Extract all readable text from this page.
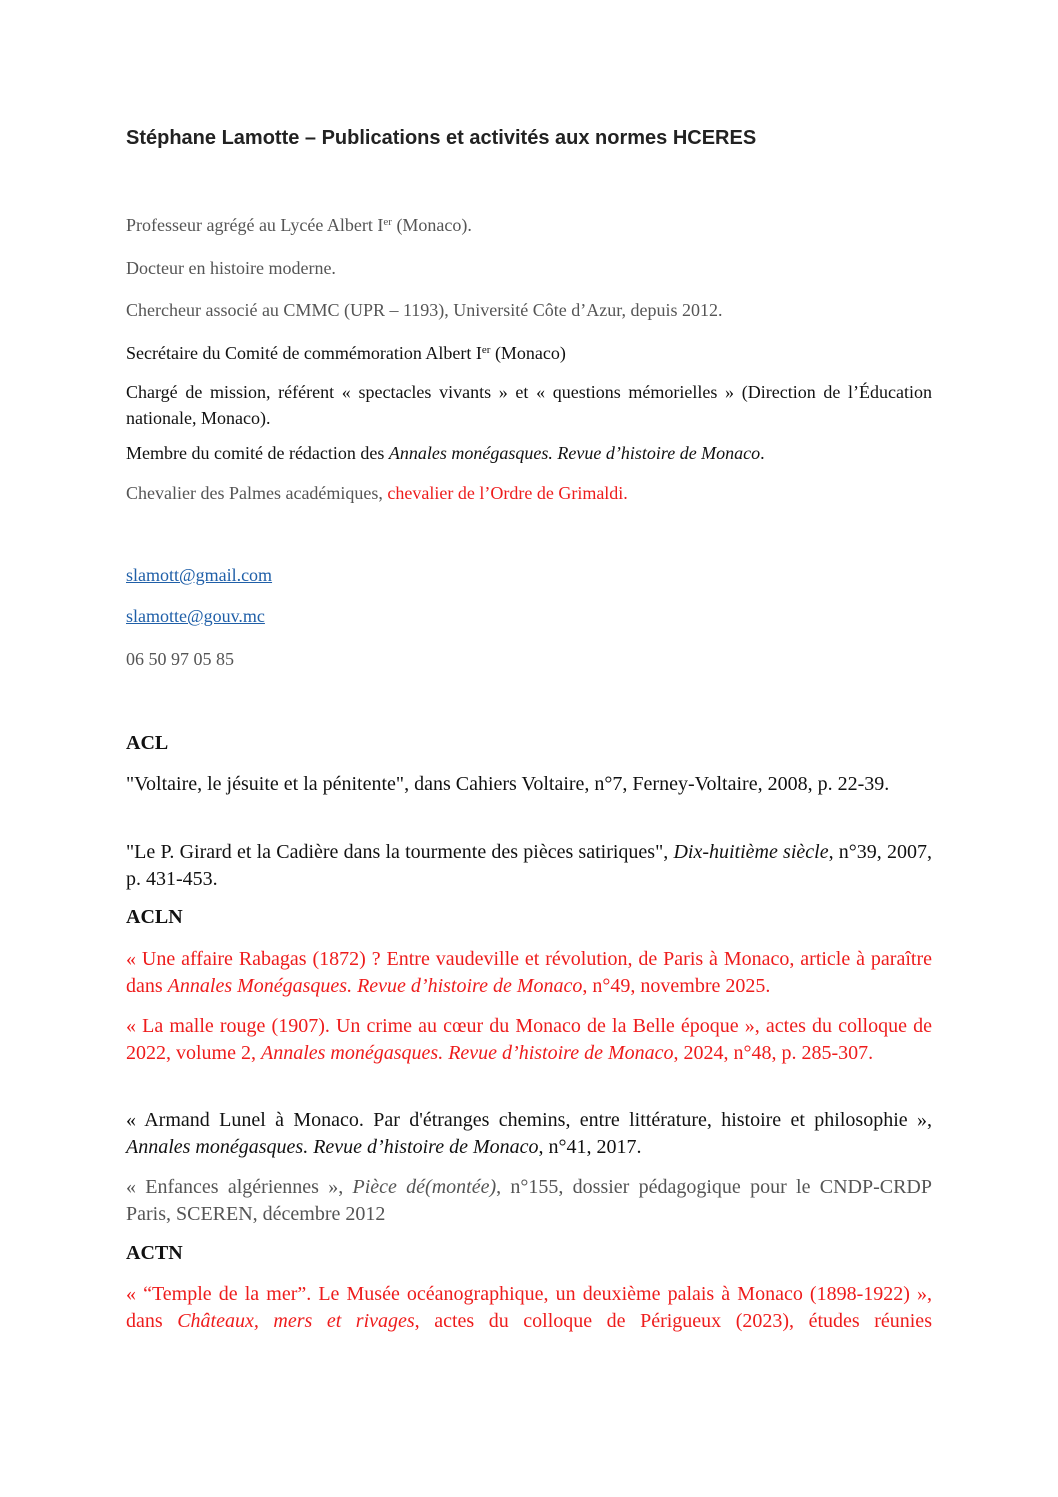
Stéphane Lamotte – Publications et activités aux normes HCERES

Professeur agrégé au Lycée Albert Ier (Monaco).

Docteur en histoire moderne.

Chercheur associé au CMMC (UPR – 1193), Université Côte d’Azur, depuis 2012.

Secrétaire du Comité de commémoration Albert Ier (Monaco)

Chargé de mission, référent « spectacles vivants » et « questions mémorielles » (Direction de l’Éducation nationale, Monaco).

Membre du comité de rédaction des Annales monégasques. Revue d’histoire de Monaco.

Chevalier des Palmes académiques, chevalier de l’Ordre de Grimaldi.

slamott@gmail.com
slamotte@gouv.mc

06 50 97 05 85

ACL

"Voltaire, le jésuite et la pénitente", dans Cahiers Voltaire, n°7, Ferney-Voltaire, 2008, p. 22-39.

"Le P. Girard et la Cadière dans la tourmente des pièces satiriques", Dix-huitième siècle, n°39, 2007, p. 431-453.

ACLN

« Une affaire Rabagas (1872) ? Entre vaudeville et révolution, de Paris à Monaco, article à paraître dans Annales Monégasques. Revue d’histoire de Monaco, n°49, novembre 2025.

« La malle rouge (1907). Un crime au cœur du Monaco de la Belle époque », actes du colloque de 2022, volume 2, Annales monégasques. Revue d’histoire de Monaco, 2024, n°48, p. 285-307.

« Armand Lunel à Monaco. Par d'étranges chemins, entre littérature, histoire et philosophie », Annales monégasques. Revue d’histoire de Monaco, n°41, 2017.

« Enfances algériennes », Pièce dé(montée), n°155, dossier pédagogique pour le CNDP-CRDP Paris, SCEREN, décembre 2012

ACTN

« “Temple de la mer”. Le Musée océanographique, un deuxième palais à Monaco (1898-1922) », dans Châteaux, mers et rivages, actes du colloque de Périgueux (2023), études réunies
